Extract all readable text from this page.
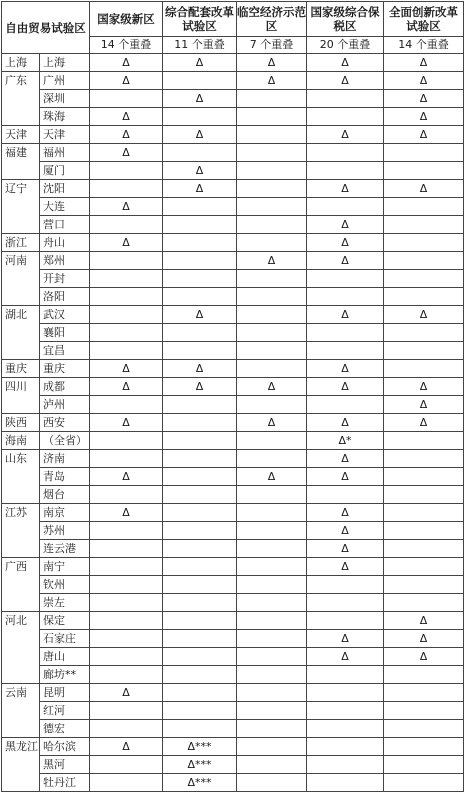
自由贸易试验区		国家级新区	综合配套改革试验区	临空经济示范区	国家级综合保税区	全面创新改革试验区
		14 个重叠	11 个重叠	7 个重叠	20 个重叠	14 个重叠
上海	上海	Δ	Δ	Δ	Δ	Δ
广东	广州	Δ		Δ	Δ	Δ
	深圳		Δ			Δ
	珠海	Δ				Δ
天津	天津	Δ	Δ		Δ	Δ
福建	福州	Δ				
	厦门		Δ			
辽宁	沈阳		Δ		Δ	Δ
	大连	Δ				
	营口				Δ	
浙江	舟山	Δ			Δ	
河南	郑州			Δ	Δ	
	开封					
	洛阳					
湖北	武汉		Δ		Δ	Δ
	襄阳					
	宜昌					
重庆	重庆	Δ	Δ		Δ	
四川	成都	Δ	Δ	Δ	Δ	Δ
	泸州					Δ
陕西	西安	Δ		Δ	Δ	Δ
海南	（全省）				Δ*	
山东	济南				Δ	
	青岛	Δ		Δ	Δ	
	烟台					
江苏	南京	Δ			Δ	
	苏州				Δ	
	连云港				Δ	
广西	南宁				Δ	
	钦州					
	崇左					
河北	保定					Δ
	石家庄				Δ	Δ
	唐山				Δ	Δ
	廊坊**					
云南	昆明	Δ				
	红河					
	德宏					
黑龙江	哈尔滨	Δ	Δ***			
	黑河		Δ***			
	牡丹江		Δ***			
